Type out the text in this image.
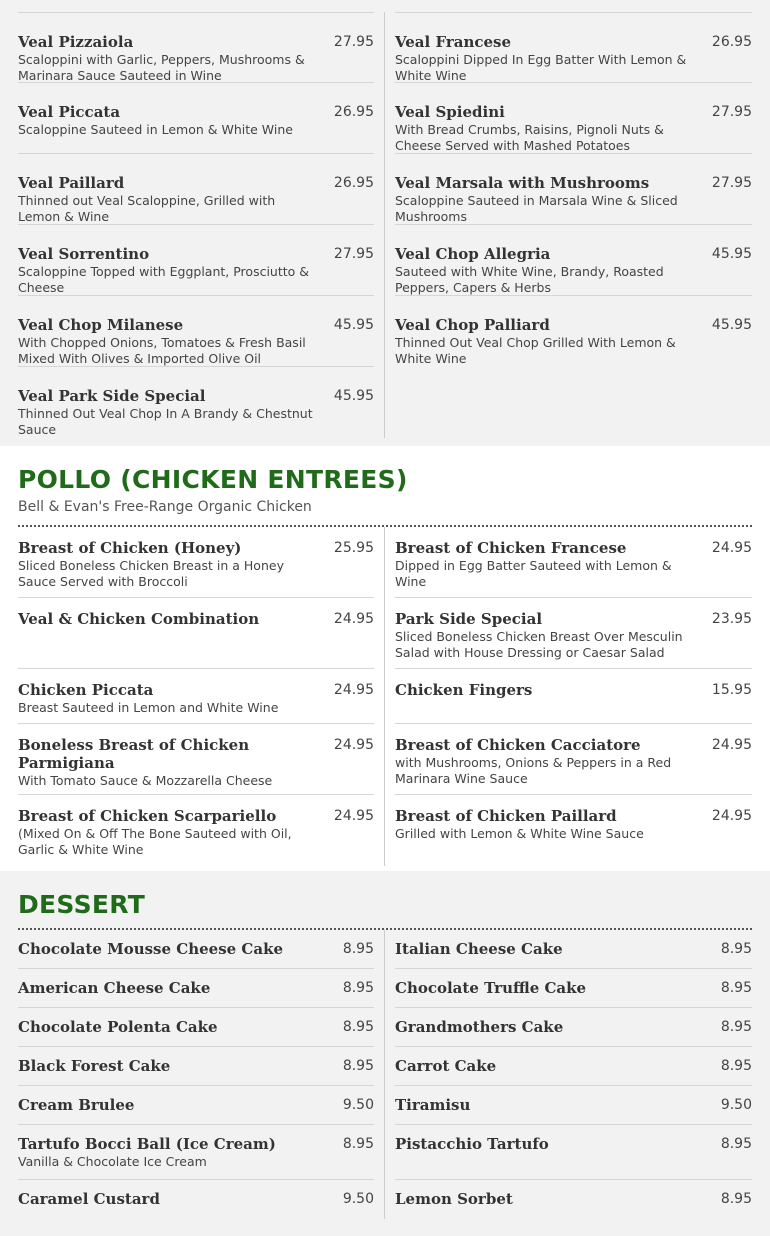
Veal Pizzaiola
Scaloppini with Garlic, Peppers, Mushrooms & Marinara Sauce Sauteed in Wine
27.95
Veal Piccata
Scaloppine Sauteed in Lemon & White Wine
26.95
Veal Paillard
Thinned out Veal Scaloppine, Grilled with Lemon & Wine
26.95
Veal Sorrentino
Scaloppine Topped with Eggplant, Prosciutto & Cheese
27.95
Veal Chop Milanese
With Chopped Onions, Tomatoes & Fresh Basil Mixed With Olives & Imported Olive Oil
45.95
Veal Park Side Special
Thinned Out Veal Chop In A Brandy & Chestnut Sauce
45.95
Veal Francese
Scaloppini Dipped In Egg Batter With Lemon & White Wine
26.95
Veal Spiedini
With Bread Crumbs, Raisins, Pignoli Nuts & Cheese Served with Mashed Potatoes
27.95
Veal Marsala with Mushrooms
Scaloppine Sauteed in Marsala Wine & Sliced Mushrooms
27.95
Veal Chop Allegria
Sauteed with White Wine, Brandy, Roasted Peppers, Capers & Herbs
45.95
Veal Chop Palliard
Thinned Out Veal Chop Grilled With Lemon & White Wine
45.95
POLLO (CHICKEN ENTREES)
Bell & Evan's Free-Range Organic Chicken
Breast of Chicken (Honey)
Sliced Boneless Chicken Breast in a Honey Sauce Served with Broccoli
25.95
Veal & Chicken Combination	24.95
Chicken Piccata
Breast Sauteed in Lemon and White Wine
24.95
Boneless Breast of Chicken Parmigiana
With Tomato Sauce & Mozzarella Cheese
24.95
Breast of Chicken Scarpariello
(Mixed On & Off The Bone Sauteed with Oil, Garlic & White Wine
24.95
Breast of Chicken Francese
Dipped in Egg Batter Sauteed with Lemon & Wine
24.95
Park Side Special
Sliced Boneless Chicken Breast Over Mesculin Salad with House Dressing or Caesar Salad
23.95
Chicken Fingers	15.95
Breast of Chicken Cacciatore
with Mushrooms, Onions & Peppers in a Red Marinara Wine Sauce
24.95
Breast of Chicken Paillard
Grilled with Lemon & White Wine Sauce
24.95
DESSERT
Chocolate Mousse Cheese Cake	8.95
American Cheese Cake	8.95
Chocolate Polenta Cake	8.95
Black Forest Cake	8.95
Cream Brulee	9.50
Tartufo Bocci Ball (Ice Cream)
Vanilla & Chocolate Ice Cream
8.95
Caramel Custard	9.50
Italian Cheese Cake	8.95
Chocolate Truffle Cake	8.95
Grandmothers Cake	8.95
Carrot Cake	8.95
Tiramisu	9.50
Pistacchio Tartufo	8.95
Lemon Sorbet	8.95
